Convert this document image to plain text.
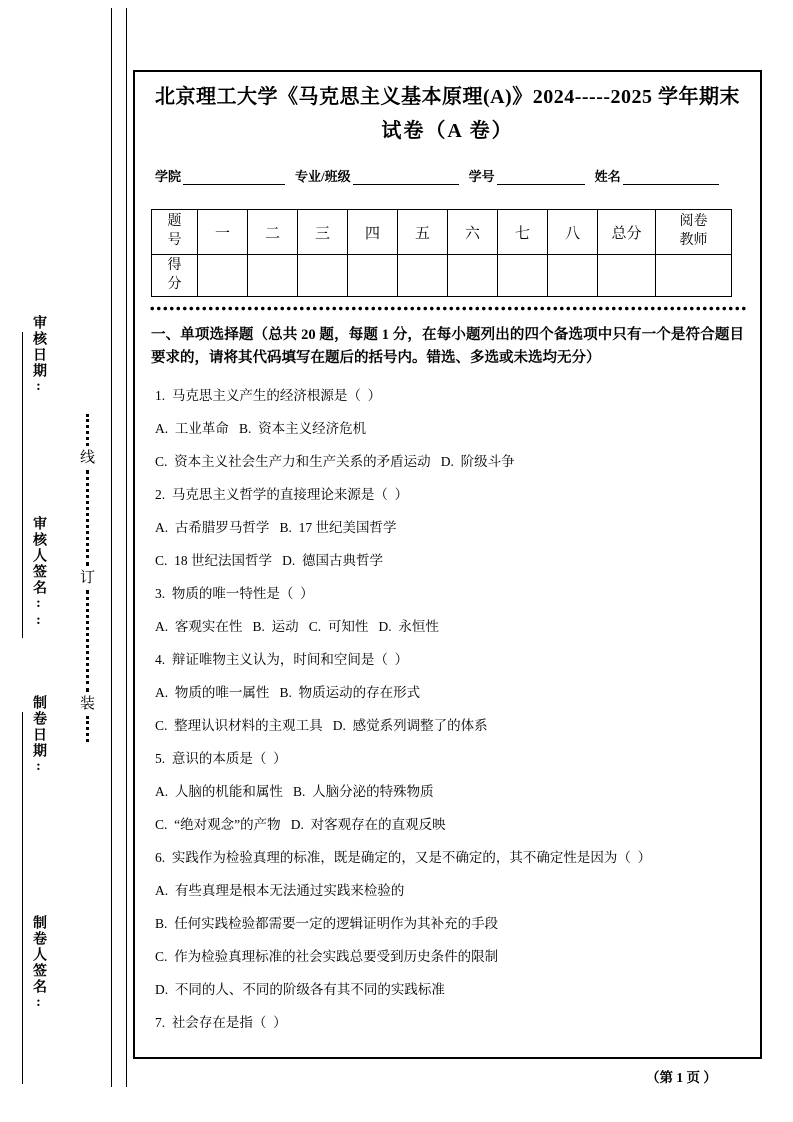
审核日期:
审核人签名::
制卷日期:
制卷人签名:
线
订
装
北京理工大学《马克思主义基本原理(A)》2024-----2025 学年期末
试卷（A 卷）
学院	专业/班级	学号	姓名
题号	一	二	三	四	五	六	七	八	总分	阅卷教师
得分										
一、单项选择题（总共 20 题，每题 1 分，在每小题列出的四个备选项中只有一个是符合题目要求的，请将其代码填写在题后的括号内。错选、多选或未选均无分）
1.  马克思主义产生的经济根源是（  ）
A.  工业革命   B.  资本主义经济危机
C.  资本主义社会生产力和生产关系的矛盾运动   D.  阶级斗争
2.  马克思主义哲学的直接理论来源是（  ）
A.  古希腊罗马哲学   B.  17 世纪美国哲学
C.  18 世纪法国哲学   D.  德国古典哲学
3.  物质的唯一特性是（  ）
A.  客观实在性   B.  运动   C.  可知性   D.  永恒性
4.  辩证唯物主义认为，时间和空间是（  ）
A.  物质的唯一属性   B.  物质运动的存在形式
C.  整理认识材料的主观工具   D.  感觉系列调整了的体系
5.  意识的本质是（  ）
A.  人脑的机能和属性   B.  人脑分泌的特殊物质
C.  “绝对观念”的产物   D.  对客观存在的直观反映
6.  实践作为检验真理的标准，既是确定的，又是不确定的，其不确定性是因为（  ）
A.  有些真理是根本无法通过实践来检验的
B.  任何实践检验都需要一定的逻辑证明作为其补充的手段
C.  作为检验真理标准的社会实践总要受到历史条件的限制
D.  不同的人、不同的阶级各有其不同的实践标准
7.  社会存在是指（  ）
（第 1 页 ）
